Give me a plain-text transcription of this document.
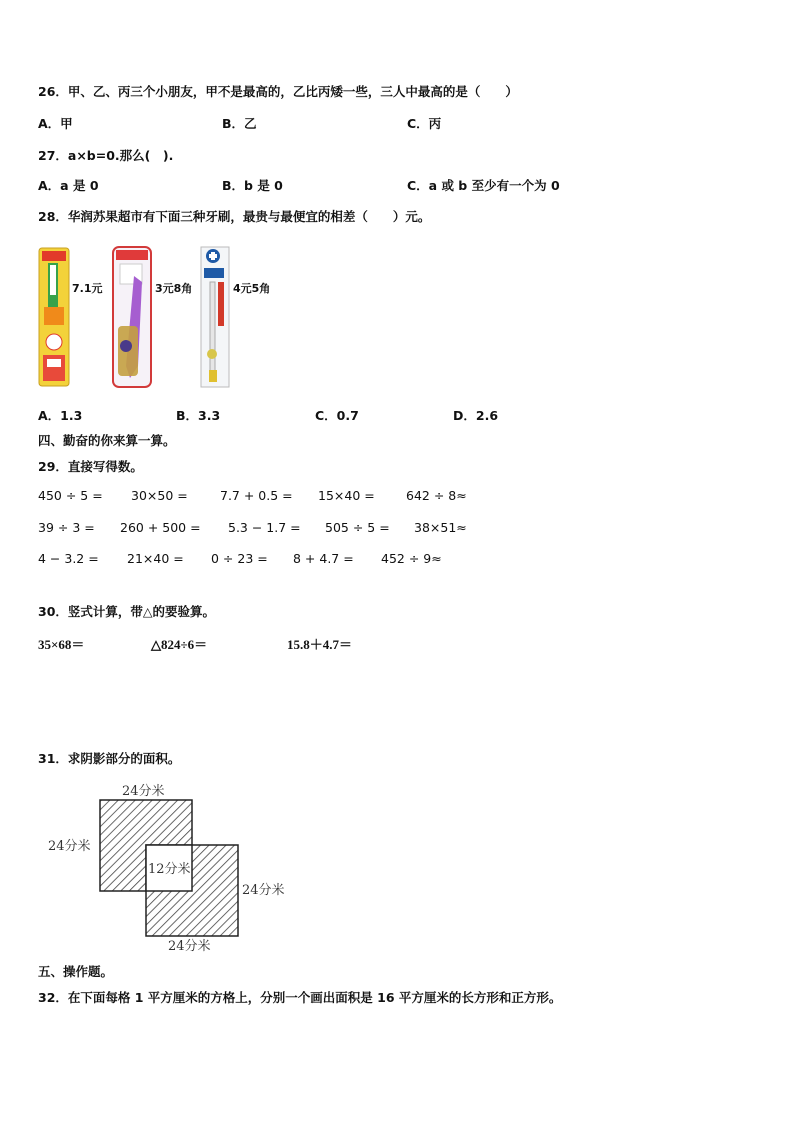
26．甲、乙、丙三个小朋友，甲不是最高的，乙比丙矮一些，三人中最高的是（　　）
A．甲	B．乙	C．丙
27．a×b=0.那么(　).
A．a 是 0	B．b 是 0	C．a 或 b 至少有一个为 0
28．华润苏果超市有下面三种牙刷，最贵与最便宜的相差（　　）元。
7.1元	3元8角	4元5角
A．1.3	B．3.3	C．0.7	D．2.6
四、勤奋的你来算一算。
29．直接写得数。
450 ÷ 5 = 30×50 =	7.7 + 0.5 = 15×40 =	642 ÷ 8≈
39 ÷ 3 = 260 + 500 = 5.3 − 1.7 = 505 ÷ 5 = 38×51≈
4 − 3.2 = 21×40 = 0 ÷ 23 = 8 + 4.7 = 452 ÷ 9≈
30．竖式计算，带△的要验算。
35×68＝	△824÷6＝	15.8＋4.7＝
31．求阴影部分的面积。
24分米
24分米
12分米
24分米
24分米
五、操作题。
32．在下面每格 1 平方厘米的方格上，分别一个画出面积是 16 平方厘米的长方形和正方形。
